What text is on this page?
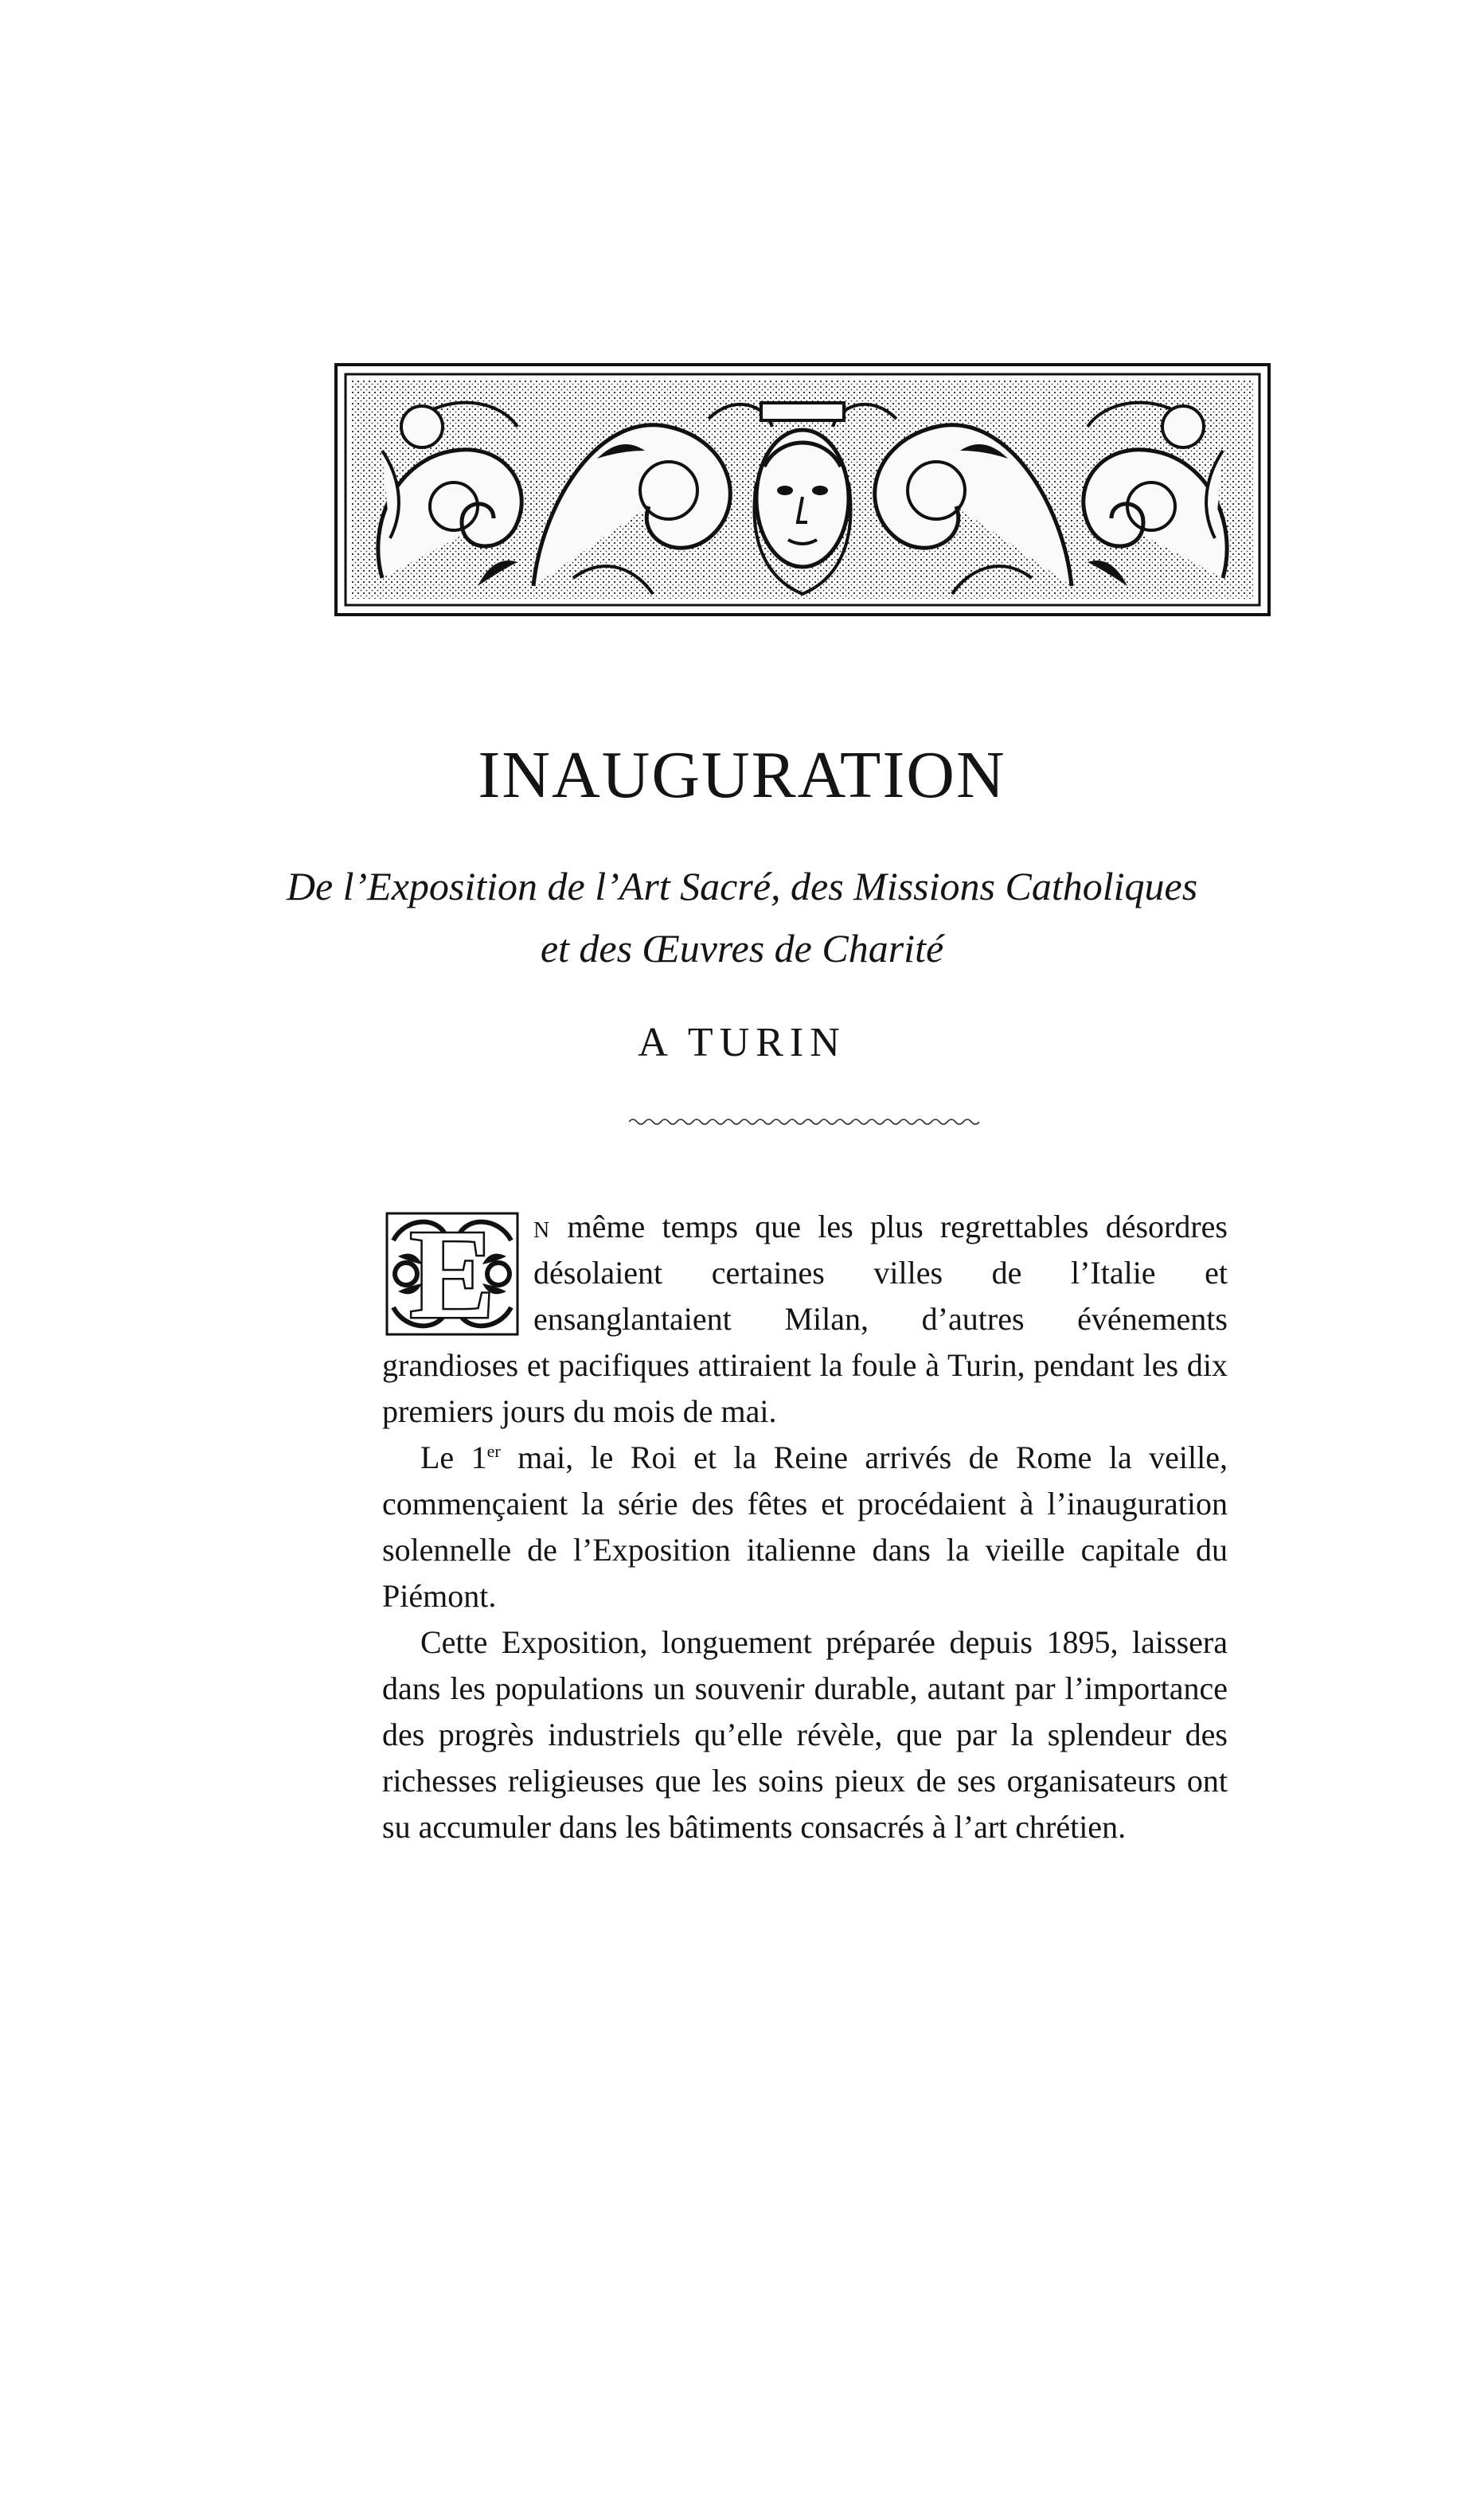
INAUGURATION

De l’Exposition de l’Art Sacré, des Missions Catholiques

et des Œuvres de Charité

A TURIN

E n même temps que les plus regrettables désordres désolaient certaines villes de l’Italie et ensanglantaient Milan, d’autres événements grandioses et pacifiques attiraient la foule à Turin, pendant les dix premiers jours du mois de mai.

Le 1er mai, le Roi et la Reine arrivés de Rome la veille, commençaient la série des fêtes et procédaient à l’inauguration solennelle de l’Exposition italienne dans la vieille capitale du Piémont.

Cette Exposition, longuement préparée depuis 1895, laissera dans les populations un souvenir durable, autant par l’importance des progrès industriels qu’elle révèle, que par la splendeur des richesses religieuses que les soins pieux de ses organisateurs ont su accumuler dans les bâtiments consacrés à l’art chrétien.
